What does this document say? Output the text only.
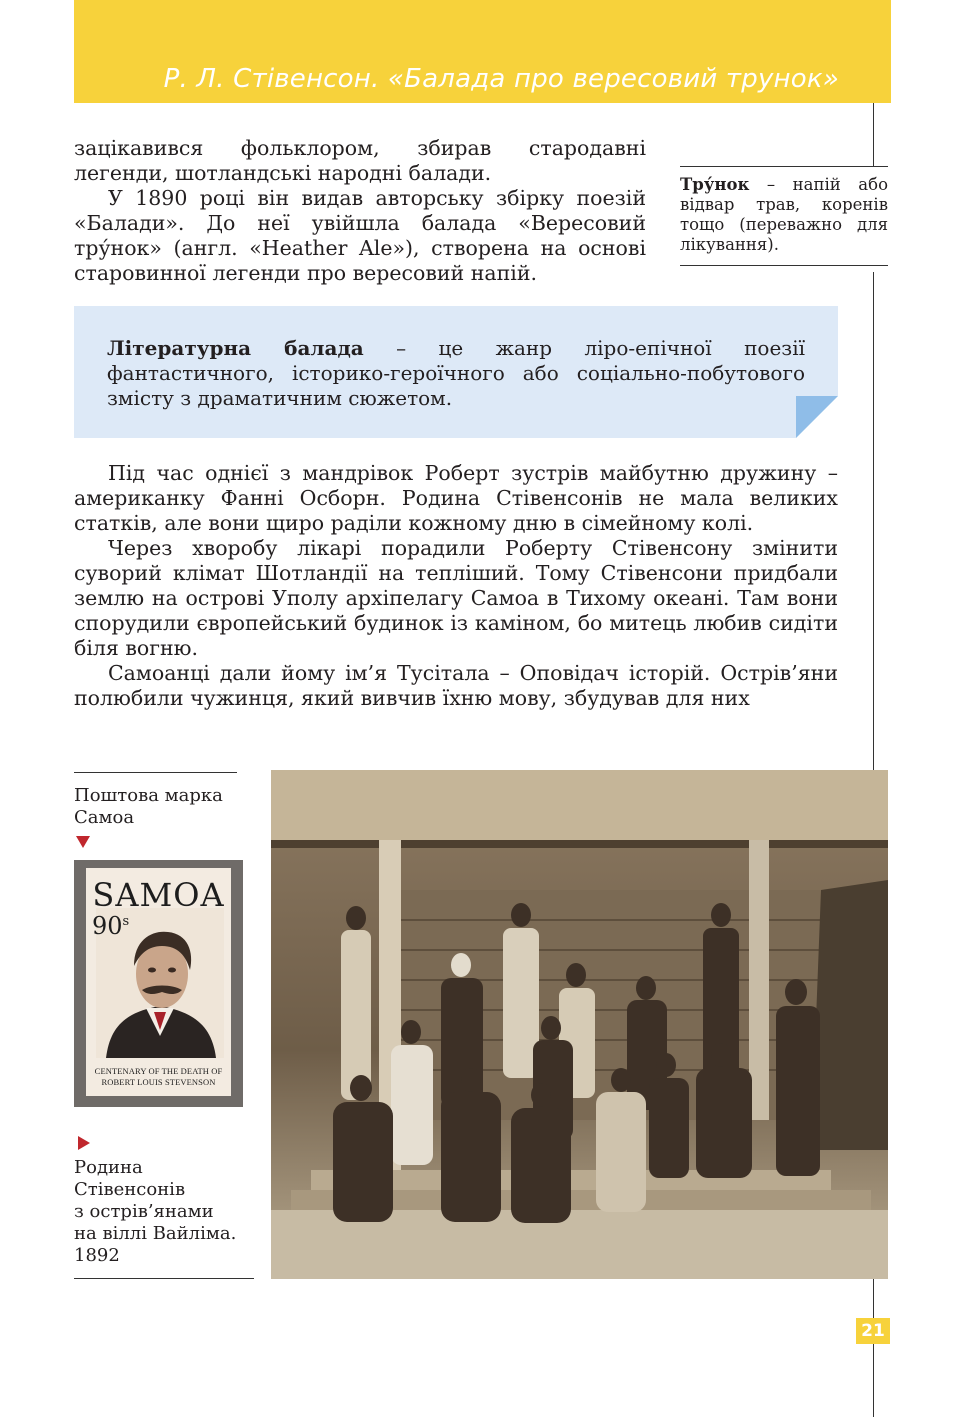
Р. Л. Стівенсон. «Балада про вересовий трунок»

зацікавився фольклором, збирав стародавні легенди, шотландські народні балади.

У 1890 році він видав авторську збірку поезій «Балади». До неї увійшла балада «Вересовий тру́нок» (англ. «Heather Ale»), створена на основі старовинної легенди про вересовий напій.

Тру́нок – напій або відвар трав, коренів тощо (переважно для лікування).
Літературна балада – це жанр ліро-епічної поезії фантастичного, історико-героїчного або соціально-побутового змісту з драматичним сюжетом.

Під час однієї з мандрівок Роберт зустрів майбутню дружину – американку Фанні Осборн. Родина Стівенсонів не мала великих статків, але вони щиро раділи кожному дню в сімейному колі.

Через хворобу лікарі порадили Роберту Стівенсону змінити суворий клімат Шотландії на тепліший. Тому Стівенсони придбали землю на острові Уполу архіпелагу Самоа в Тихому океані. Там вони спорудили європейський будинок із каміном, бо митець любив сидіти біля вогню.

Самоанці дали йому ім’я Тусітала – Оповідач історій. Острів’яни полюбили чужинця, який вивчив їхню мову, збудував для них

Поштова марка
Самоа
SAMOA
90$^s$
CENTENARY OF THE DEATH OF
ROBERT LOUIS STEVENSON
Родина
Стівенсонів
з острів’янами
на віллі Вайліма.
1892
21
